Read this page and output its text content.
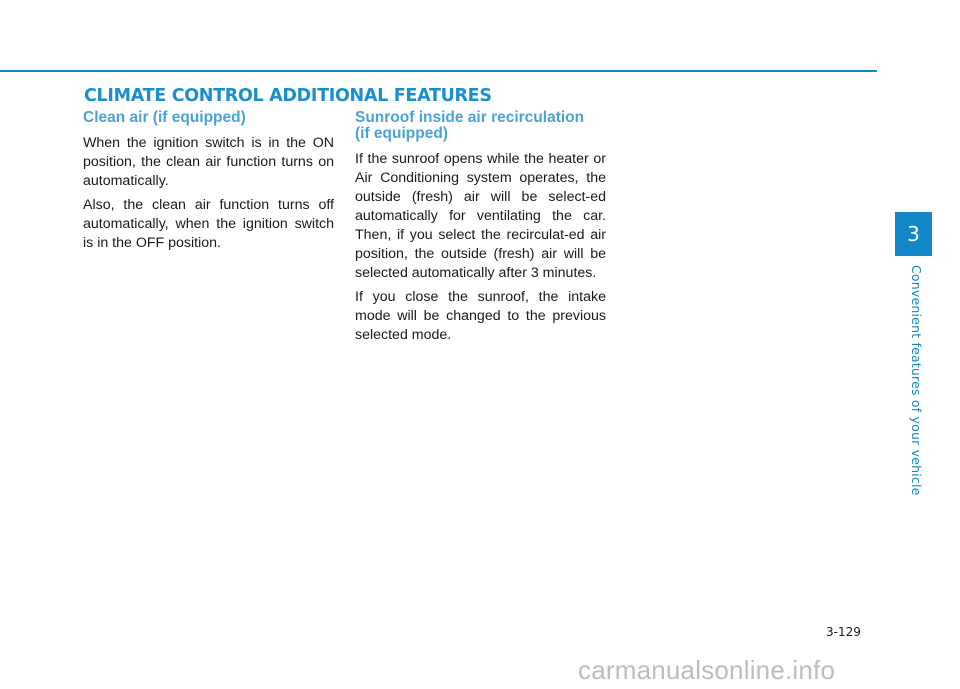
CLIMATE CONTROL ADDITIONAL FEATURES
Clean air (if equipped)

When the ignition switch is in the ON position, the clean air function turns on automatically.

Also, the clean air function turns off automatically, when the ignition switch is in the OFF position.

Sunroof inside air recirculation
(if equipped)

If the sunroof opens while the heater or Air Conditioning system operates, the outside (fresh) air will be select-ed automatically for ventilating the car. Then, if you select the recirculat-ed air position, the outside (fresh) air will be selected automatically after 3 minutes.

If you close the sunroof, the intake mode will be changed to the previous selected mode.

3
Convenient features of your vehicle
3-129
carmanualsonline.info
